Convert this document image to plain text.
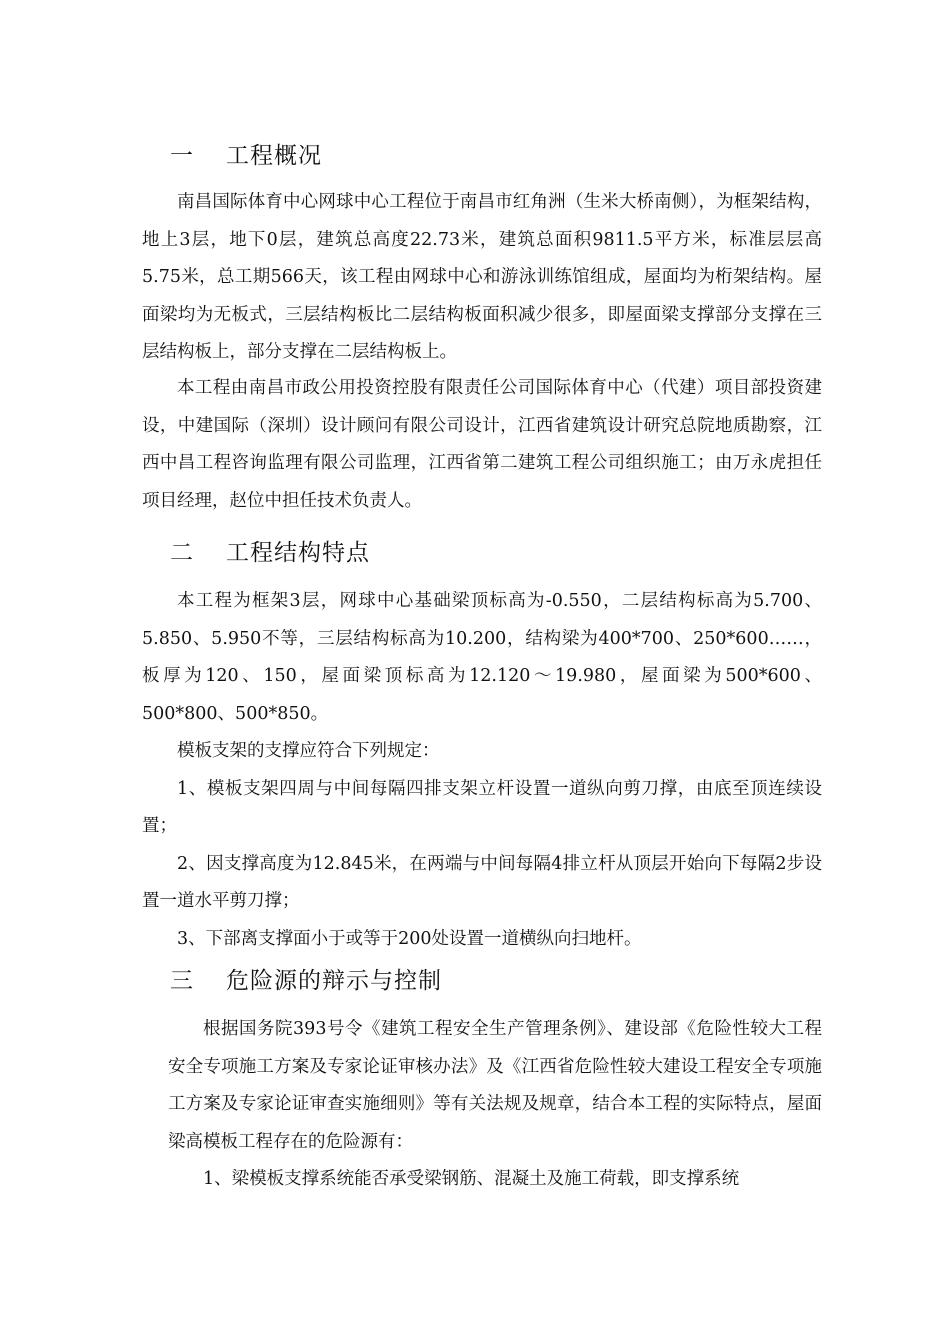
一 工程概况

南昌国际体育中心网球中心工程位于南昌市红角洲（生米大桥南侧），为框架结构，地上3层，地下0层，建筑总高度22.73米，建筑总面积9811.5平方米，标准层层高5.75米，总工期566天，该工程由网球中心和游泳训练馆组成，屋面均为桁架结构。屋面梁均为无板式，三层结构板比二层结构板面积减少很多，即屋面梁支撑部分支撑在三层结构板上，部分支撑在二层结构板上。

本工程由南昌市政公用投资控股有限责任公司国际体育中心（代建）项目部投资建设，中建国际（深圳）设计顾问有限公司设计，江西省建筑设计研究总院地质勘察，江西中昌工程咨询监理有限公司监理，江西省第二建筑工程公司组织施工；由万永虎担任项目经理，赵位中担任技术负责人。

二 工程结构特点

本工程为框架3层，网球中心基础梁顶标高为-0.550，二层结构标高为5.700、5.850、5.950不等，三层结构标高为10.200，结构梁为400*700、250*600……，板厚为120、150，屋面梁顶标高为12.120～19.980，屋面梁为500*600、500*800、500*850。

模板支架的支撑应符合下列规定：

1、模板支架四周与中间每隔四排支架立杆设置一道纵向剪刀撑，由底至顶连续设置；

2、因支撑高度为12.845米，在两端与中间每隔4排立杆从顶层开始向下每隔2步设置一道水平剪刀撑；

3、下部离支撑面小于或等于200处设置一道横纵向扫地杆。

三 危险源的辩示与控制

根据国务院393号令《建筑工程安全生产管理条例》、建设部《危险性较大工程安全专项施工方案及专家论证审核办法》及《江西省危险性较大建设工程安全专项施工方案及专家论证审查实施细则》等有关法规及规章，结合本工程的实际特点，屋面梁高模板工程存在的危险源有：

1、梁模板支撑系统能否承受梁钢筋、混凝土及施工荷载，即支撑系统
